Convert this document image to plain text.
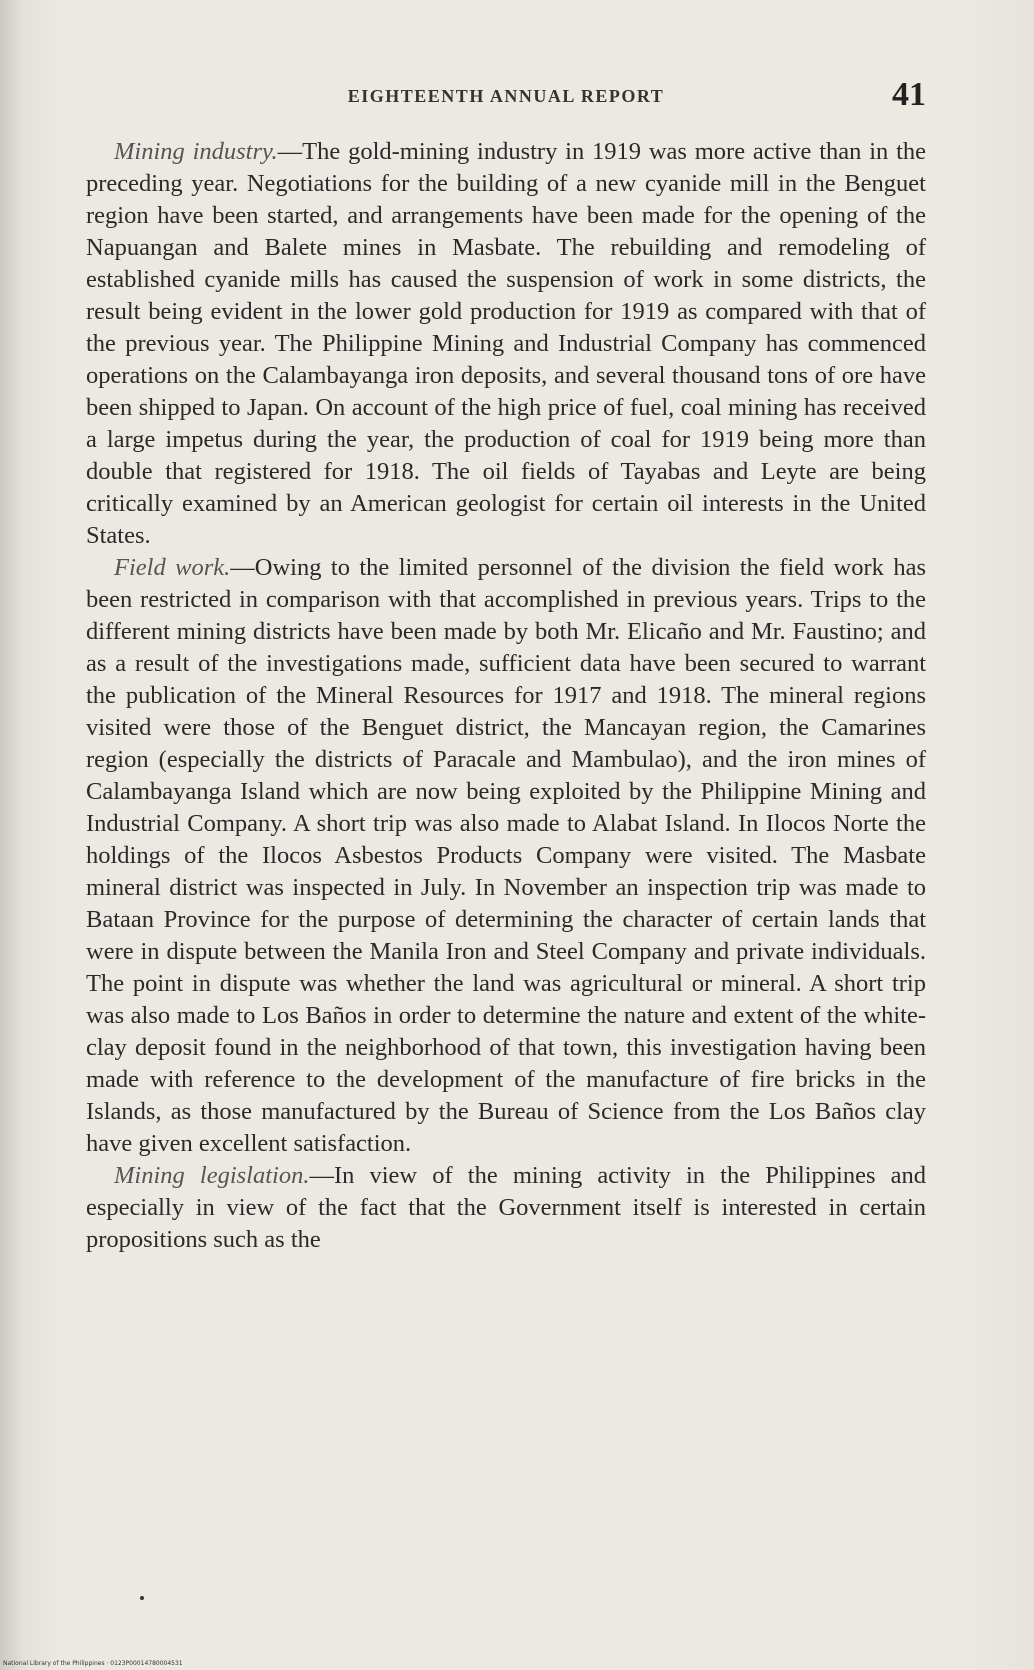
EIGHTEENTH ANNUAL REPORT	41

Mining industry.—The gold-mining industry in 1919 was more active than in the preceding year. Negotiations for the building of a new cyanide mill in the Benguet region have been started, and arrangements have been made for the opening of the Napuangan and Balete mines in Masbate. The rebuilding and remodeling of established cyanide mills has caused the suspension of work in some districts, the result being evident in the lower gold production for 1919 as compared with that of the previous year. The Philippine Mining and Industrial Company has commenced operations on the Calambayanga iron deposits, and several thousand tons of ore have been shipped to Japan. On account of the high price of fuel, coal mining has received a large impetus during the year, the production of coal for 1919 being more than double that registered for 1918. The oil fields of Tayabas and Leyte are being critically examined by an American geologist for certain oil interests in the United States.

Field work.—Owing to the limited personnel of the division the field work has been restricted in comparison with that accomplished in previous years. Trips to the different mining districts have been made by both Mr. Elicaño and Mr. Faustino; and as a result of the investigations made, sufficient data have been secured to warrant the publication of the Mineral Resources for 1917 and 1918. The mineral regions visited were those of the Benguet district, the Mancayan region, the Camarines region (especially the districts of Paracale and Mambulao), and the iron mines of Calambayanga Island which are now being exploited by the Philippine Mining and Industrial Company. A short trip was also made to Alabat Island. In Ilocos Norte the holdings of the Ilocos Asbestos Products Company were visited. The Masbate mineral district was inspected in July. In November an inspection trip was made to Bataan Province for the purpose of determining the character of certain lands that were in dispute between the Manila Iron and Steel Company and private individuals. The point in dispute was whether the land was agricultural or mineral. A short trip was also made to Los Baños in order to determine the nature and extent of the white-clay deposit found in the neighborhood of that town, this investigation having been made with reference to the development of the manufacture of fire bricks in the Islands, as those manufactured by the Bureau of Science from the Los Baños clay have given excellent satisfaction.

Mining legislation.—In view of the mining activity in the Philippines and especially in view of the fact that the Government itself is interested in certain propositions such as the

National Library of the Philippines · 0123P00014780004531
